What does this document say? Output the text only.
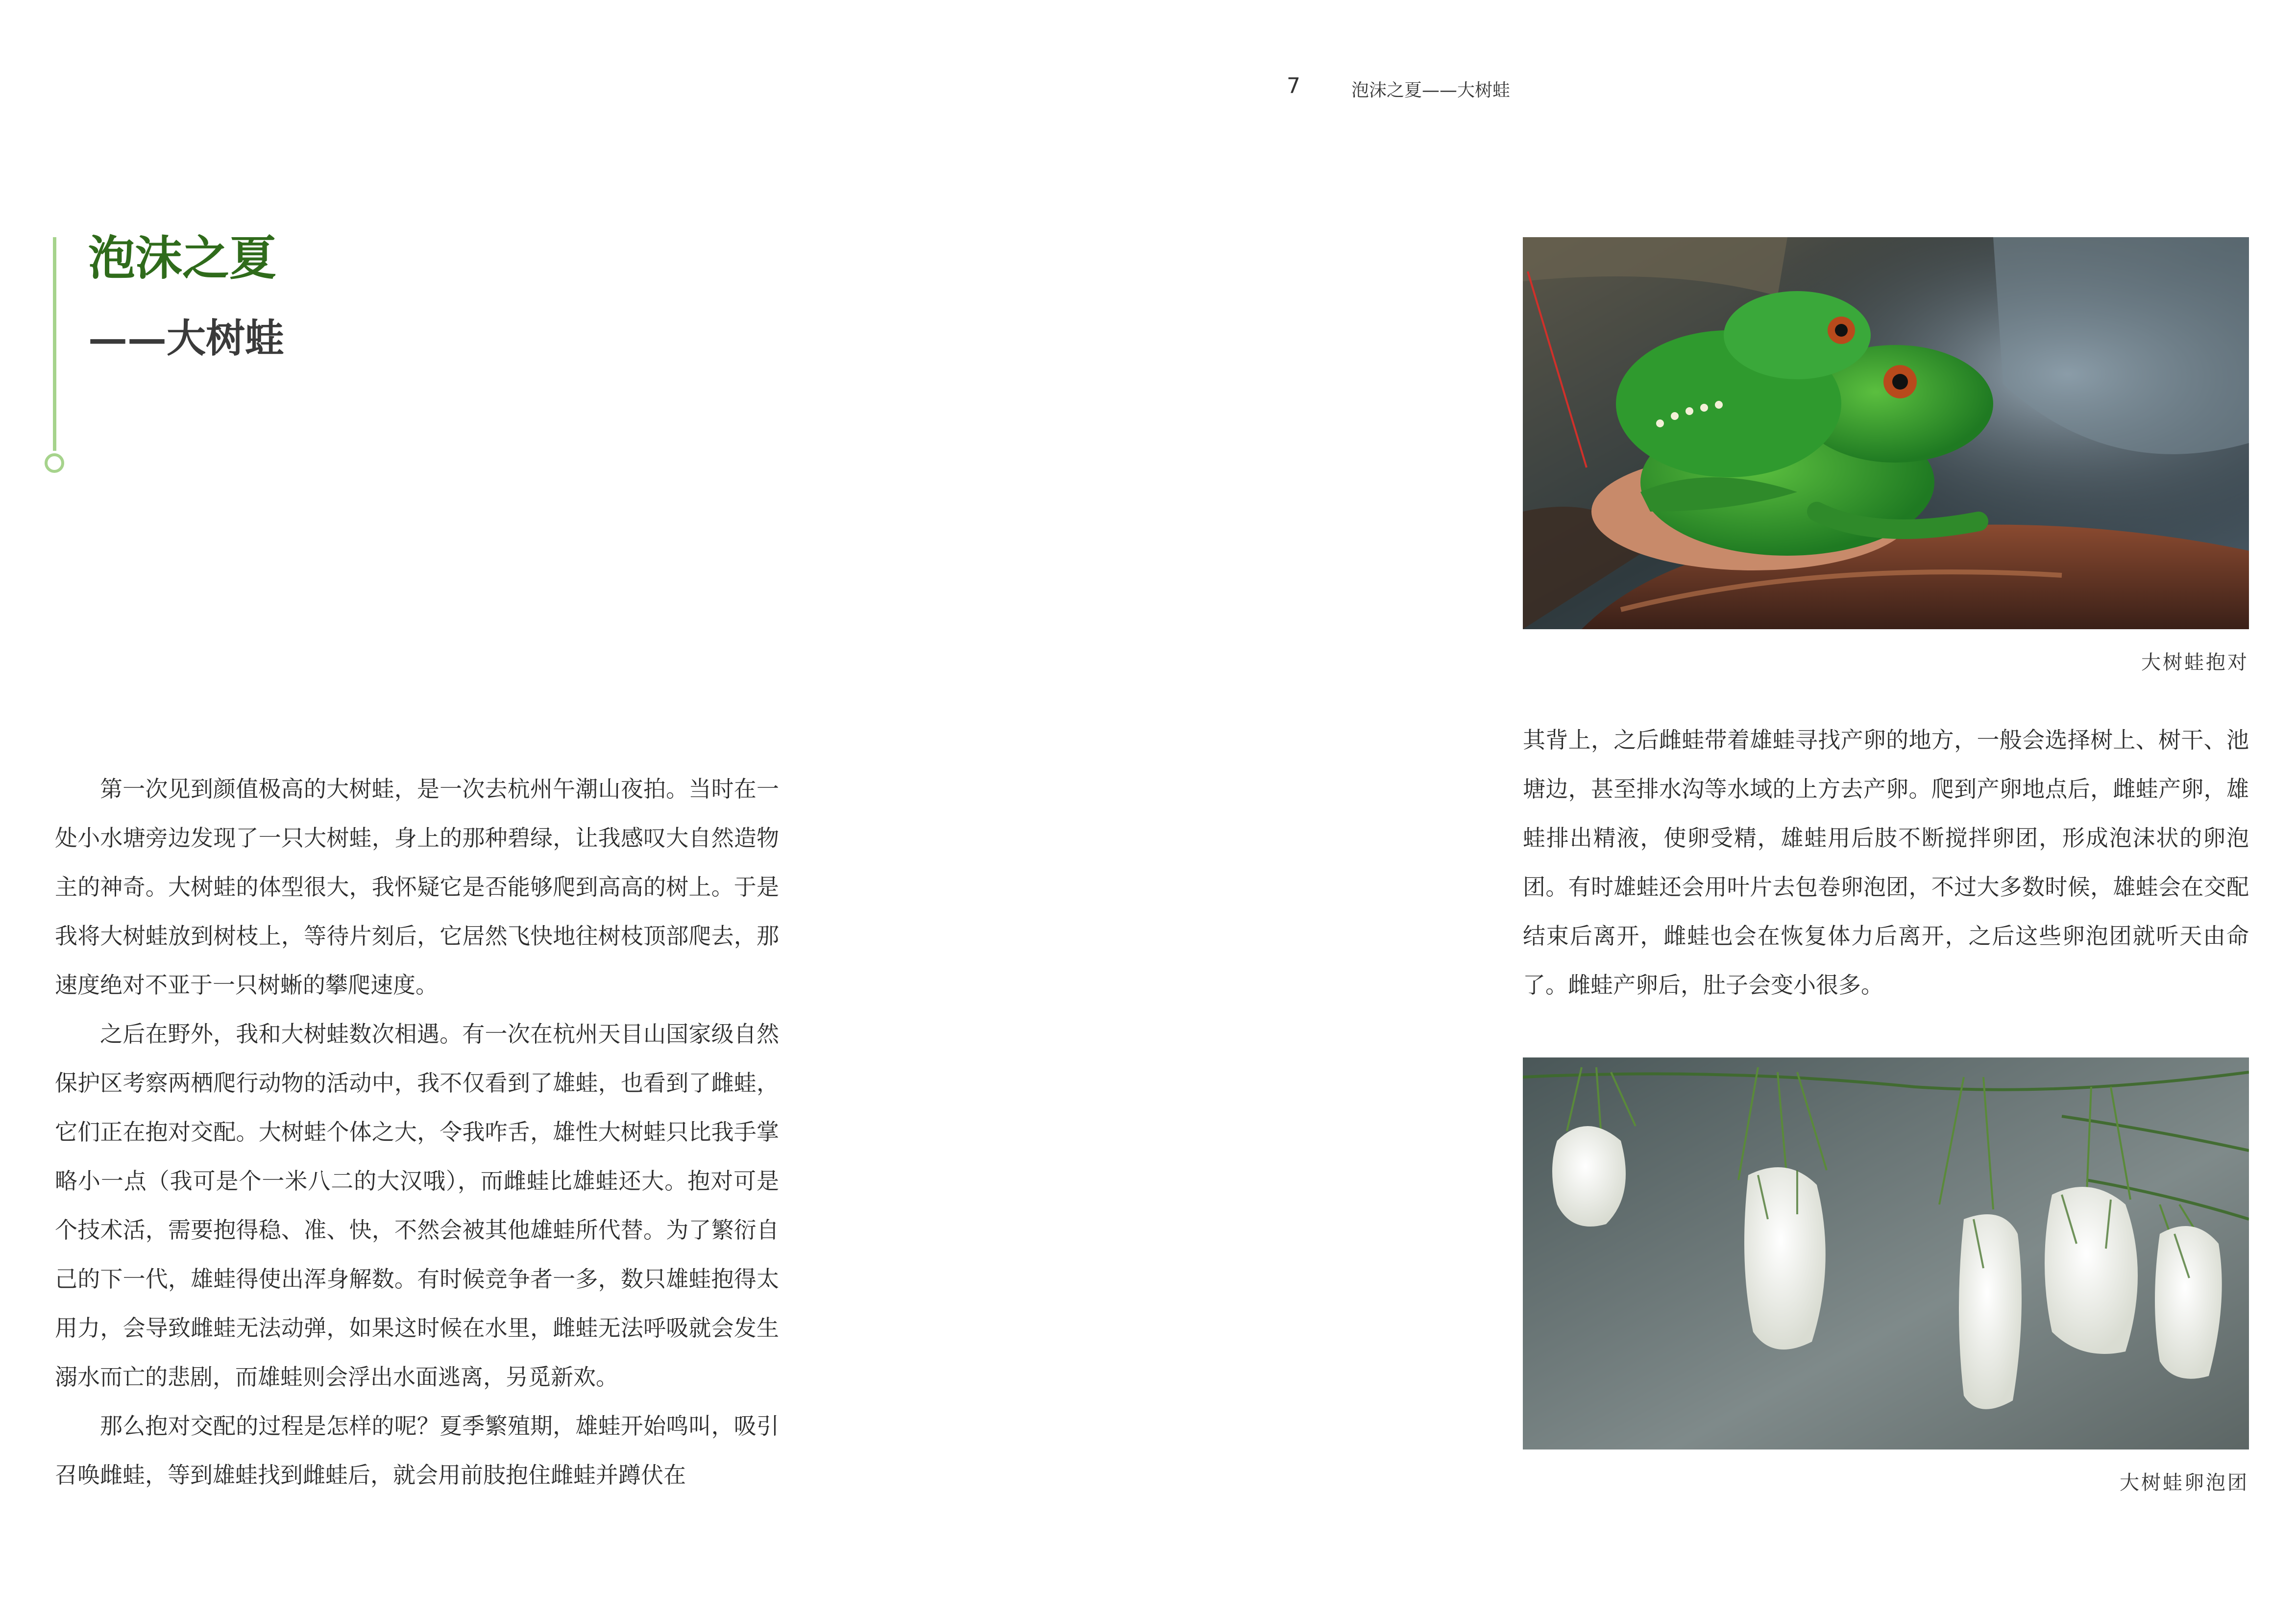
7	泡沫之夏——大树蛙
泡沫之夏
——大树蛙

第一次见到颜值极高的大树蛙，是一次去杭州午潮山夜拍。当时在一处小水塘旁边发现了一只大树蛙，身上的那种碧绿，让我感叹大自然造物主的神奇。大树蛙的体型很大，我怀疑它是否能够爬到高高的树上。于是我将大树蛙放到树枝上，等待片刻后，它居然飞快地往树枝顶部爬去，那速度绝对不亚于一只树蜥的攀爬速度。

之后在野外，我和大树蛙数次相遇。有一次在杭州天目山国家级自然保护区考察两栖爬行动物的活动中，我不仅看到了雄蛙，也看到了雌蛙，它们正在抱对交配。大树蛙个体之大，令我咋舌，雄性大树蛙只比我手掌略小一点（我可是个一米八二的大汉哦），而雌蛙比雄蛙还大。抱对可是个技术活，需要抱得稳、准、快，不然会被其他雄蛙所代替。为了繁衍自己的下一代，雄蛙得使出浑身解数。有时候竞争者一多，数只雄蛙抱得太用力，会导致雌蛙无法动弹，如果这时候在水里，雌蛙无法呼吸就会发生溺水而亡的悲剧，而雄蛙则会浮出水面逃离，另觅新欢。

那么抱对交配的过程是怎样的呢？夏季繁殖期，雄蛙开始鸣叫，吸引召唤雌蛙，等到雄蛙找到雌蛙后，就会用前肢抱住雌蛙并蹲伏在

大树蛙抱对

其背上，之后雌蛙带着雄蛙寻找产卵的地方，一般会选择树上、树干、池塘边，甚至排水沟等水域的上方去产卵。爬到产卵地点后，雌蛙产卵，雄蛙排出精液，使卵受精，雄蛙用后肢不断搅拌卵团，形成泡沫状的卵泡团。有时雄蛙还会用叶片去包卷卵泡团，不过大多数时候，雄蛙会在交配结束后离开，雌蛙也会在恢复体力后离开，之后这些卵泡团就听天由命了。雌蛙产卵后，肚子会变小很多。

大树蛙卵泡团
